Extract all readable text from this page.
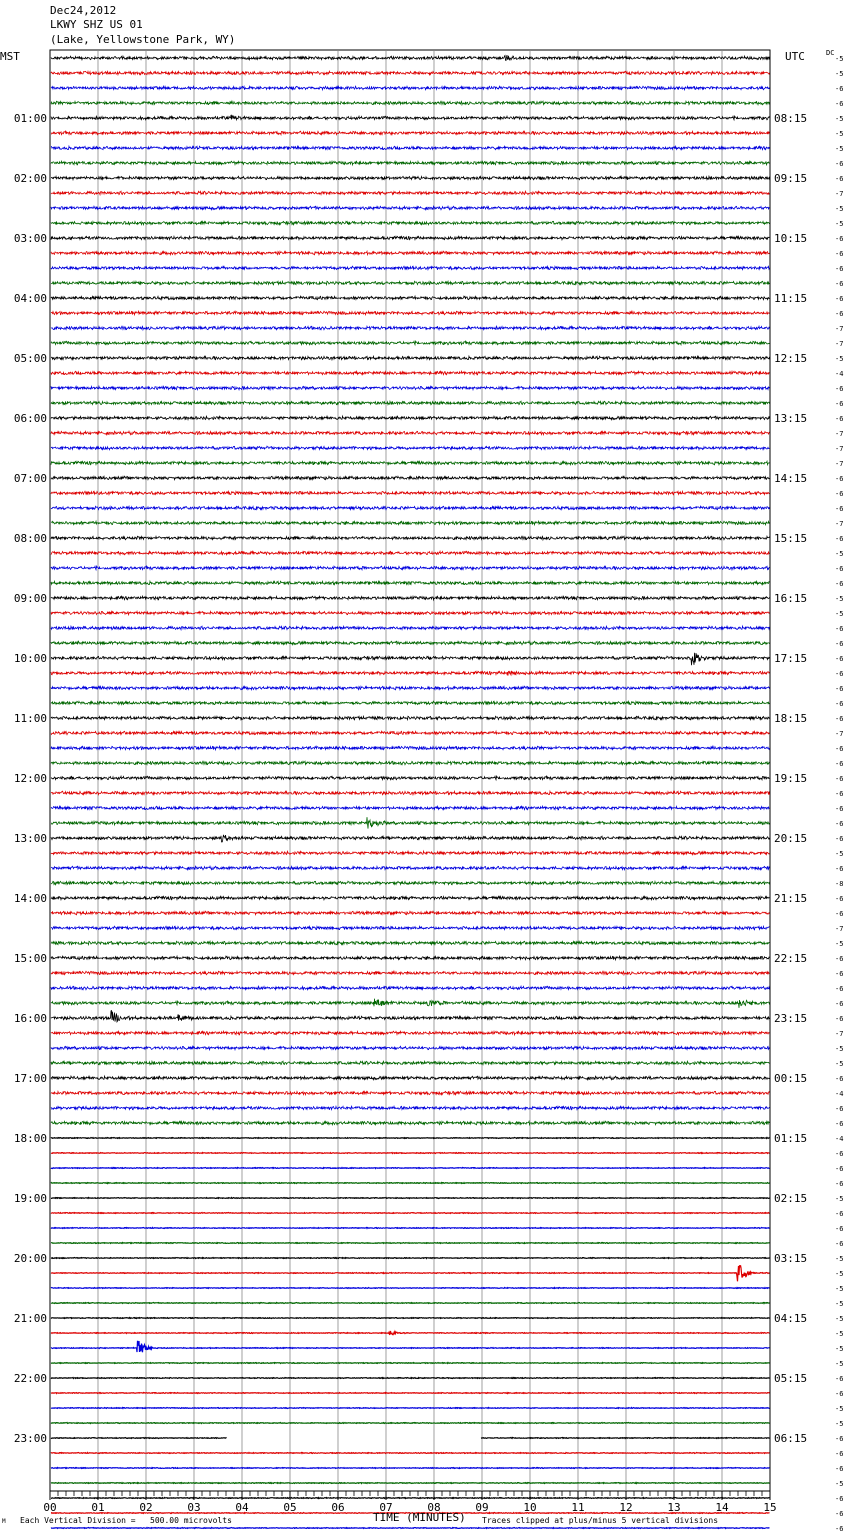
01:00
02:00
03:00
04:00
05:00
06:00
07:00
08:00
09:00
10:00
11:00
12:00
13:00
14:00
15:00
16:00
17:00
18:00
19:00
20:00
21:00
22:00
23:00
08:15
09:15
10:15
11:15
12:15
13:15
14:15
15:15
16:15
17:15
18:15
19:15
20:15
21:15
22:15
23:15
00:15
01:15
02:15
03:15
04:15
05:15
06:15
-5
-5
-6
-6
-5
-5
-5
-6
-6
-7
-5
-5
-6
-6
-6
-6
-6
-6
-7
-7
-5
-4
-6
-6
-6
-7
-7
-7
-6
-6
-6
-7
-6
-5
-6
-6
-5
-5
-6
-6
-6
-6
-6
-6
-6
-7
-6
-6
-6
-6
-6
-6
-6
-5
-6
-8
-6
-6
-7
-5
-6
-6
-6
-6
-6
-7
-5
-5
-6
-4
-6
-6
-4
-6
-6
-6
-5
-6
-6
-6
-5
-5
-5
-5
-5
-5
-5
-5
-6
-6
-5
-5
-6
-6
-6
-5
-6
-6
-6
00	01	02	03	04	05	06	07	08	09	10	11	12	13	14	15
Dec24,2012
LKWY SHZ US 01
(Lake, Yellowstone Park, WY)
MST	UTC	DC
TIME (MINUTES)
M Each Vertical Division =   500.00 microvolts	Traces clipped at plus/minus 5 vertical divisions
